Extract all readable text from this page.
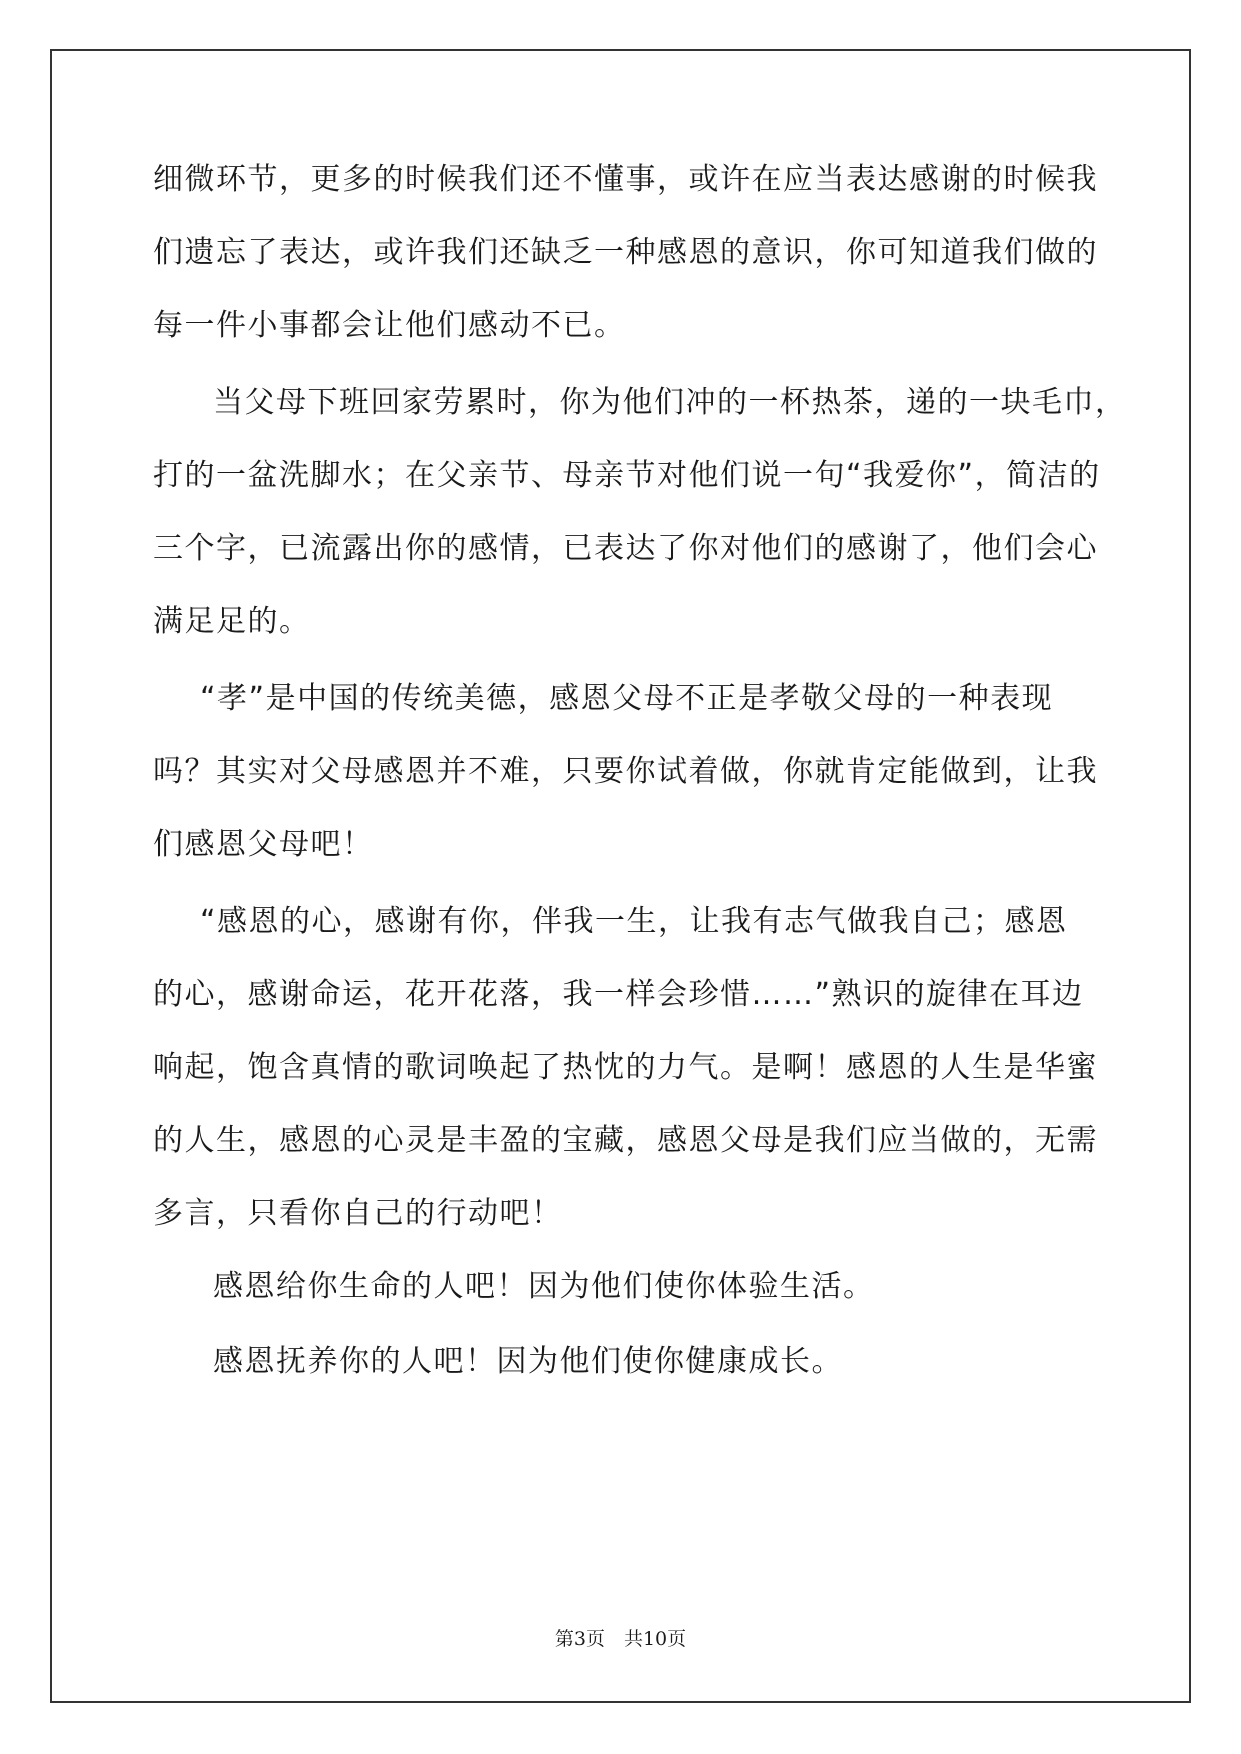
细微环节，更多的时候我们还不懂事，或许在应当表达感谢的时候我
们遗忘了表达，或许我们还缺乏一种感恩的意识，你可知道我们做的
每一件小事都会让他们感动不已。
当父母下班回家劳累时，你为他们冲的一杯热茶，递的一块毛巾，
打的一盆洗脚水；在父亲节、母亲节对他们说一句“我爱你”，简洁的
三个字，已流露出你的感情，已表达了你对他们的感谢了，他们会心
满足足的。
“孝”是中国的传统美德，感恩父母不正是孝敬父母的一种表现
吗？其实对父母感恩并不难，只要你试着做，你就肯定能做到，让我
们感恩父母吧！
“感恩的心，感谢有你，伴我一生，让我有志气做我自己；感恩
的心，感谢命运，花开花落，我一样会珍惜……”熟识的旋律在耳边
响起，饱含真情的歌词唤起了热忱的力气。是啊！感恩的人生是华蜜
的人生，感恩的心灵是丰盈的宝藏，感恩父母是我们应当做的，无需
多言，只看你自己的行动吧！
感恩给你生命的人吧！因为他们使你体验生活。
感恩抚养你的人吧！因为他们使你健康成长。
第3页　共10页
